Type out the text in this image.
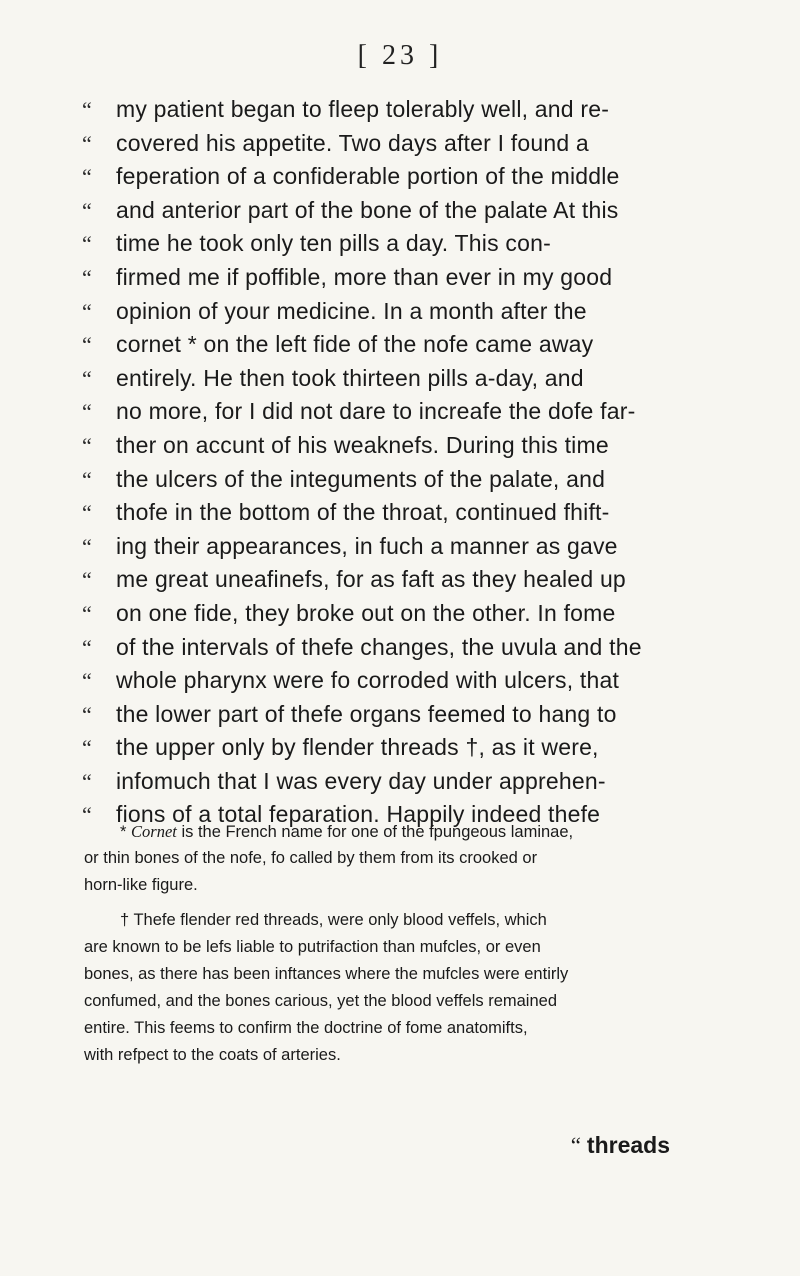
[ 23 ]
“	my patient began to fleep tolerably well, and re-
“	covered his appetite. Two days after I found a
“	feperation of a confiderable portion of the middle
“	and anterior part of the bone of the palate At this
“	time he took only ten pills a day. This con-
“	firmed me if poffible, more than ever in my good
“	opinion of your medicine. In a month after the
“	cornet * on the left fide of the nofe came away
“	entirely. He then took thirteen pills a-day, and
“	no more, for I did not dare to increafe the dofe far-
“	ther on accunt of his weaknefs. During this time
“	the ulcers of the integuments of the palate, and
“	thofe in the bottom of the throat, continued fhift-
“	ing their appearances, in fuch a manner as gave
“	me great uneafinefs, for as faft as they healed up
“	on one fide, they broke out on the other. In fome
“	of the intervals of thefe changes, the uvula and the
“	whole pharynx were fo corroded with ulcers, that
“	the lower part of thefe organs feemed to hang to
“	the upper only by flender threads †, as it were,
“	infomuch that I was every day under apprehen-
“	fions of a total feparation. Happily indeed thefe
*
Cornet
is the French name for one of the fpungeous laminae,
or thin bones of the nofe, fo called by them from its crooked or
horn-like figure.
† Thefe flender red threads, were only blood veffels, which
are known to be lefs liable to putrifaction than mufcles, or even
bones, as there has been inftances where the mufcles were entirly
confumed, and the bones carious, yet the blood veffels remained
entire. This feems to confirm the doctrine of fome anatomifts,
with refpect to the coats of arteries.
“ threads
